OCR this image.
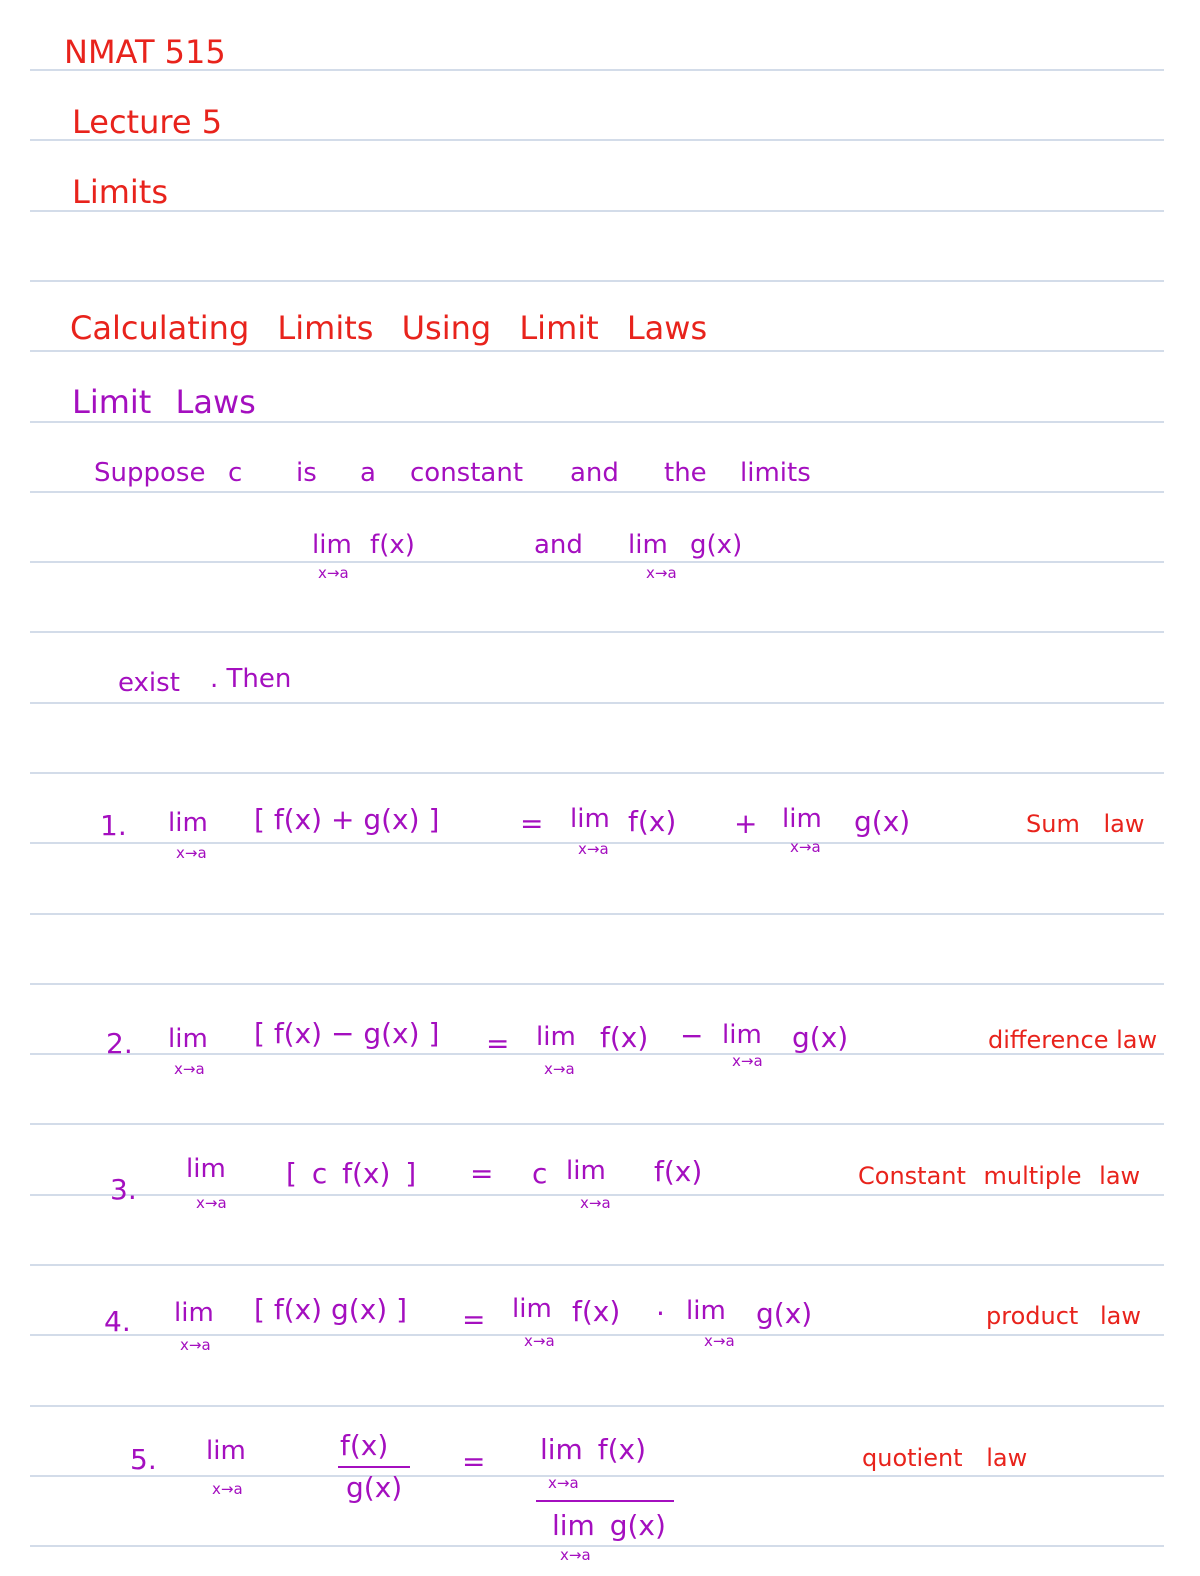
NMAT 515
Lecture 5
Limits
Calculating Limits Using Limit Laws
Limit Laws
Suppose c is a constant and the limits
lim f(x)
x→a
and lim g(x)
x→a
exist . Then
1. lim
x→a
[ f(x) + g(x) ]	= lim
x→a
f(x) + lim
x→a
g(x)	Sum law
2. lim
x→a
[ f(x) − g(x) ] = lim
x→a
f(x) − lim
x→a
g(x)	difference law
3.
lim
x→a
[ c f(x) ] = c lim
x→a
f(x)	Constant multiple law
4. lim
x→a
[ f(x) g(x) ] = lim
x→a
f(x) · lim
x→a
g(x)	product law
5. lim
x→a
f(x)
g(x)
= lim f(x)
x→a
lim g(x)
x→a
quotient law
